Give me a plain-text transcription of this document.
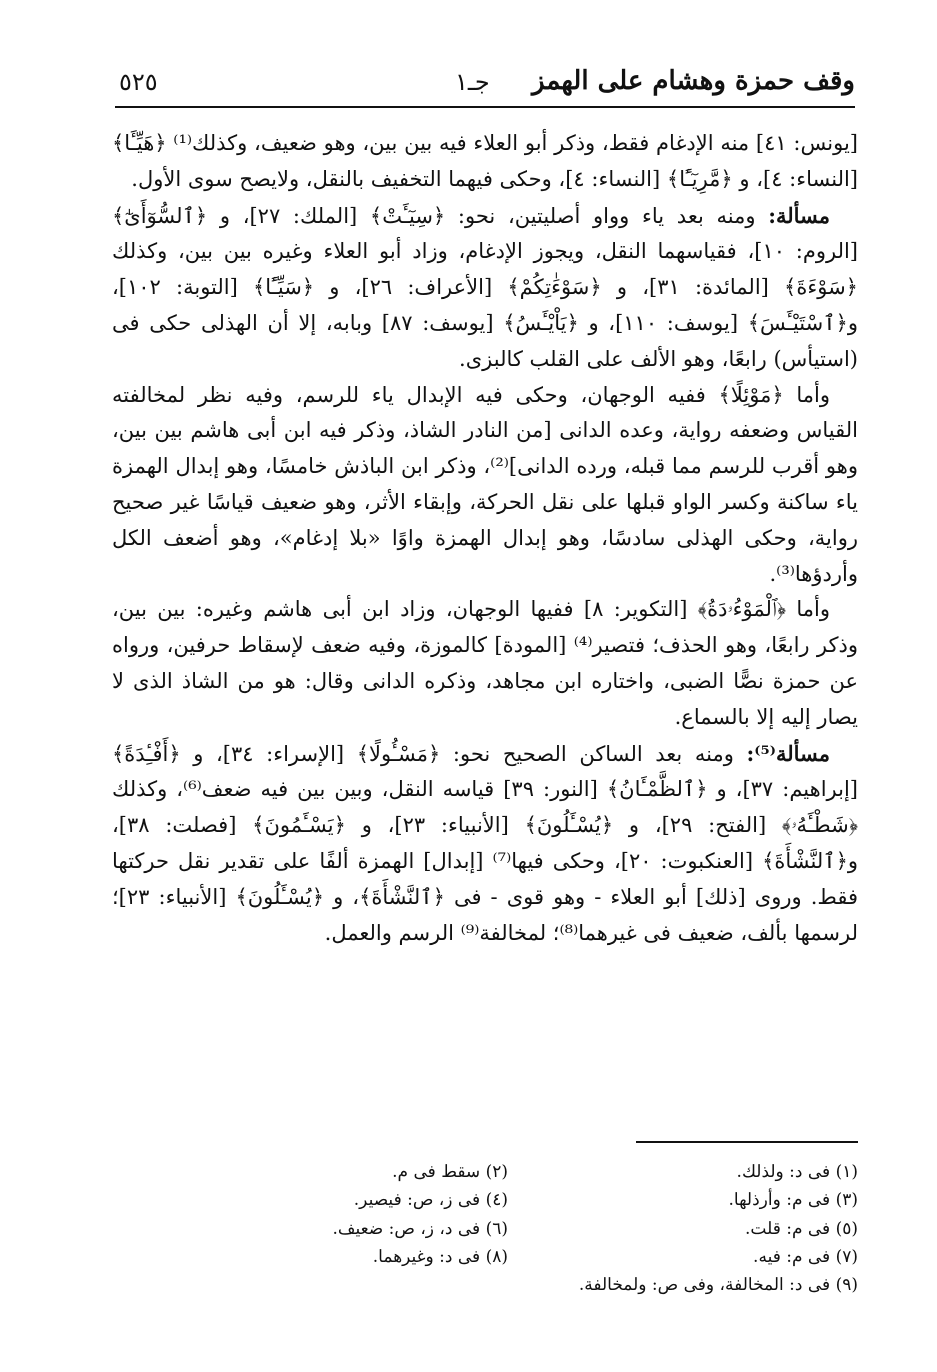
وقف حمزة وهشام على الهمز
جـ١
٥٢٥

[يونس: ٤١] منه الإدغام فقط، وذكر أبو العلاء فيه بين بين، وهو ضعيف، وكذلك⁽¹⁾ ﴿هَيِّـَٔا﴾ [النساء: ٤]، و ﴿مَّرِيٓـًٔا﴾ [النساء: ٤]، وحكى فيهما التخفيف بالنقل، ولايصح سوى الأول.

مسألة: ومنه بعد ياء وواو أصليتين، نحو: ﴿سِيٓـَٔتْ﴾ [الملك: ٢٧]، و ﴿ٱلسُّوٓأَىٰٓ﴾ [الروم: ١٠]، فقياسهما النقل، ويجوز الإدغام، وزاد أبو العلاء وغيره بين بين، وكذلك ﴿سَوْءَةَ﴾ [المائدة: ٣١]، و ﴿سَوْءَٰتِكُمْ﴾ [الأعراف: ٢٦]، و ﴿سَيِّـًٔا﴾ [التوبة: ١٠٢]، و﴿ٱسْتَيْـَٔسَ﴾ [يوسف: ١١٠]، و ﴿يَاْيْـَٔسُ﴾ [يوسف: ٨٧] وبابه، إلا أن الهذلى حكى فى (استيأس) رابعًا، وهو الألف على القلب كالبزى.

وأما ﴿مَوْئِلًا﴾ ففيه الوجهان، وحكى فيه الإبدال ياء للرسم، وفيه نظر لمخالفته القياس وضعفه رواية، وعده الدانى [من النادر الشاذ، وذكر فيه ابن أبى هاشم بين بين، وهو أقرب للرسم مما قبله، ورده الدانى]⁽²⁾، وذكر ابن الباذش خامسًا، وهو إبدال الهمزة ياء ساكنة وكسر الواو قبلها على نقل الحركة، وإبقاء الأثر، وهو ضعيف قياسًا غير صحيح رواية، وحكى الهذلى سادسًا، وهو إبدال الهمزة واوًا «بلا إدغام»، وهو أضعف الكل وأردؤها⁽³⁾.

وأما ﴿ٱلْمَوْءُۥدَةُ﴾ [التكوير: ٨] ففيها الوجهان، وزاد ابن أبى هاشم وغيره: بين بين، وذكر رابعًا، وهو الحذف؛ فتصير⁽⁴⁾ [المودة] كالموزة، وفيه ضعف لإسقاط حرفين، ورواه عن حمزة نصًّا الضبى، واختاره ابن مجاهد، وذكره الدانى وقال: هو من الشاذ الذى لا يصار إليه إلا بالسماع.

مسألة⁽⁵⁾: ومنه بعد الساكن الصحيح نحو: ﴿مَسْـُٔولًا﴾ [الإسراء: ٣٤]، و ﴿أَفْـِٔدَةً﴾ [إبراهيم: ٣٧]، و ﴿ٱلظَّمْـَٔانُ﴾ [النور: ٣٩] قياسه النقل، وبين بين فيه ضعف⁽⁶⁾، وكذلك ﴿شَطْـَٔهُۥ﴾ [الفتح: ٢٩]، و ﴿يُسْـَٔلُونَ﴾ [الأنبياء: ٢٣]، و ﴿يَسْـَٔمُونَ﴾ [فصلت: ٣٨]، و﴿ٱلنَّشْأَةَ﴾ [العنكبوت: ٢٠]، وحكى فيها⁽⁷⁾ [إبدال] الهمزة ألفًا على تقدير نقل حركتها فقط. وروى [ذلك] أبو العلاء - وهو قوى - فى ﴿ٱلنَّشْأَةَ﴾، و ﴿يُسْـَٔلُونَ﴾ [الأنبياء: ٢٣]؛ لرسمها بألف، ضعيف فى غيرهما⁽⁸⁾؛ لمخالفة⁽⁹⁾ الرسم والعمل.

(١) فى د: ولذلك.
(٢) سقط فى م.
(٣) فى م: وأرذلها.
(٤) فى ز، ص: فيصير.
(٥) فى م: قلت.
(٦) فى د، ز، ص: ضعيف.
(٧) فى م: فيه.
(٨) فى د: وغيرهما.
(٩) فى د: المخالفة، وفى ص: ولمخالفة.
